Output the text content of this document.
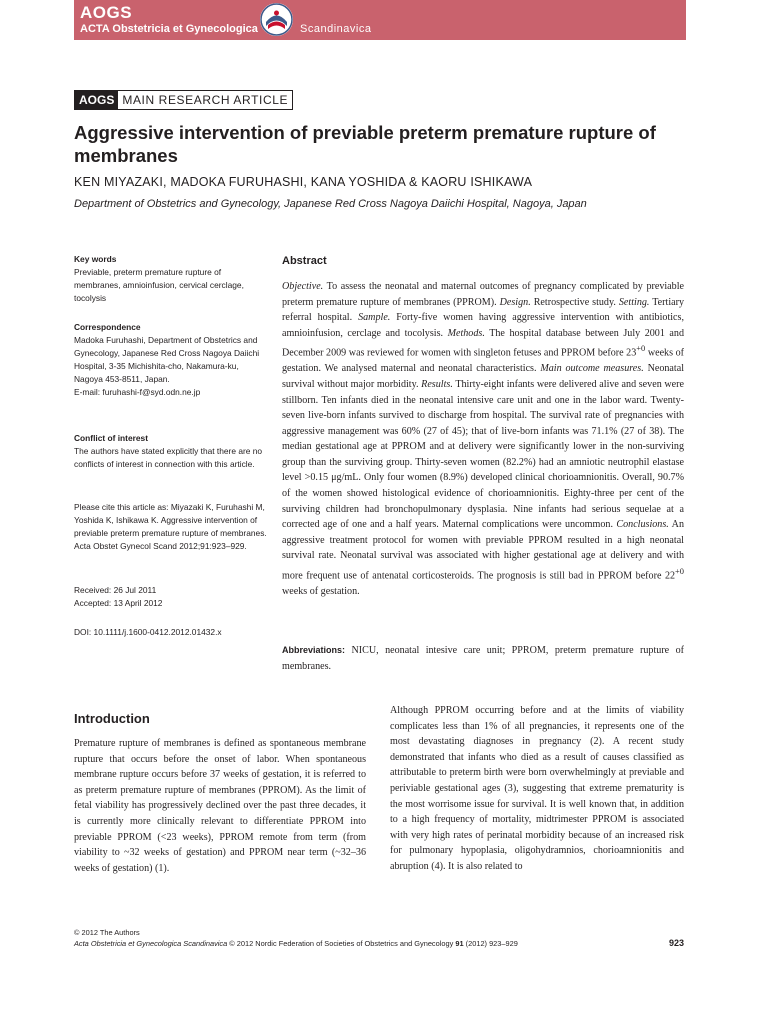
AOGS
ACTA Obstetricia et Gynecologica	Scandinavica
AOGS MAIN RESEARCH ARTICLE
Aggressive intervention of previable preterm premature rupture of membranes
KEN MIYAZAKI, MADOKA FURUHASHI, KANA YOSHIDA & KAORU ISHIKAWA
Department of Obstetrics and Gynecology, Japanese Red Cross Nagoya Daiichi Hospital, Nagoya, Japan
Key words
Previable, preterm premature rupture of membranes, amnioinfusion, cervical cerclage, tocolysis
Correspondence
Madoka Furuhashi, Department of Obstetrics and Gynecology, Japanese Red Cross Nagoya Daiichi Hospital, 3-35 Michishita-cho, Nakamura-ku, Nagoya 453-8511, Japan.
E-mail: furuhashi-f@syd.odn.ne.jp
Conflict of interest
The authors have stated explicitly that there are no conflicts of interest in connection with this article.
Please cite this article as: Miyazaki K, Furuhashi M, Yoshida K, Ishikawa K. Aggressive intervention of previable preterm premature rupture of membranes. Acta Obstet Gynecol Scand 2012;91:923–929.
Received: 26 Jul 2011
Accepted: 13 April 2012
DOI: 10.1111/j.1600-0412.2012.01432.x
Abstract

Objective. To assess the neonatal and maternal outcomes of pregnancy complicated by previable preterm premature rupture of membranes (PPROM). Design. Retrospective study. Setting. Tertiary referral hospital. Sample. Forty-five women having aggressive intervention with antibiotics, amnioinfusion, cerclage and tocolysis. Methods. The hospital database between July 2001 and December 2009 was reviewed for women with singleton fetuses and PPROM before $23^{+0}$ weeks of gestation. We analysed maternal and neonatal characteristics. Main outcome measures. Neonatal survival without major morbidity. Results. Thirty-eight infants were delivered alive and seven were stillborn. Ten infants died in the neonatal intensive care unit and one in the labor ward. Twenty-seven live-born infants survived to discharge from hospital. The survival rate of pregnancies with aggressive management was 60% (27 of 45); that of live-born infants was 71.1% (27 of 38). The median gestational age at PPROM and at delivery were significantly lower in the non-surviving group than the surviving group. Thirty-seven women (82.2%) had an amniotic neutrophil elastase level >0.15 μg/mL. Only four women (8.9%) developed clinical chorioamnionitis. Overall, 90.7% of the women showed histological evidence of chorioamnionitis. Eighty-three per cent of the surviving children had bronchopulmonary dysplasia. Nine infants had serious sequelae at a corrected age of one and a half years. Maternal complications were uncommon. Conclusions. An aggressive treatment protocol for women with previable PPROM resulted in a high neonatal survival rate. Neonatal survival was associated with higher gestational age at delivery and with more frequent use of antenatal corticosteroids. The prognosis is still bad in PPROM before $22^{+0}$ weeks of gestation.

Abbreviations: NICU, neonatal intesive care unit; PPROM, preterm premature rupture of membranes.

Introduction

Premature rupture of membranes is defined as spontaneous membrane rupture that occurs before the onset of labor. When spontaneous membrane rupture occurs before 37 weeks of gestation, it is referred to as preterm premature rupture of membranes (PPROM). As the limit of fetal viability has progressively declined over the past three decades, it is currently more clinically relevant to differentiate PPROM into previable PPROM (<23 weeks), PPROM remote from term (from viability to ~32 weeks of gestation) and PPROM near term (~32–36 weeks of gestation) (1).

Although PPROM occurring before and at the limits of viability complicates less than 1% of all pregnancies, it represents one of the most devastating diagnoses in pregnancy (2). A recent study demonstrated that infants who died as a result of causes classified as attributable to preterm birth were born overwhelmingly at previable and periviable gestational ages (3), suggesting that extreme prematurity is the most worrisome issue for survival. It is well known that, in addition to a high frequency of mortality, midtrimester PPROM is associated with very high rates of perinatal morbidity because of an increased risk for pulmonary hypoplasia, oligohydramnios, chorioamnionitis and abruption (4). It is also related to

© 2012 The Authors
Acta Obstetricia et Gynecologica Scandinavica © 2012 Nordic Federation of Societies of Obstetrics and Gynecology 91 (2012) 923–929	923
